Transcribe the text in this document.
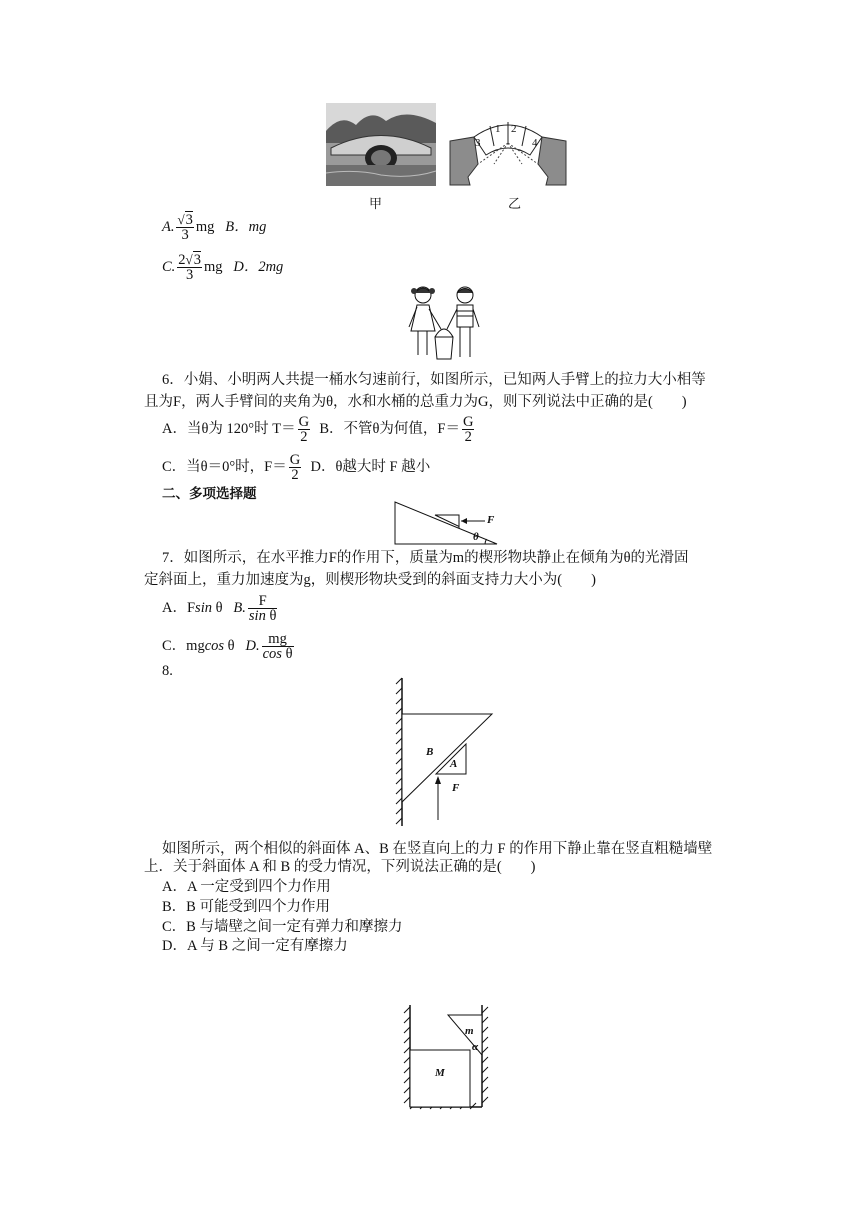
1 2
3	4
甲	乙
A. $\frac{√3}{3}$ mg B．mg
C. $\frac{2√3}{3}$ mg D．2mg
6．小娟、小明两人共提一桶水匀速前行，如图所示，已知两人手臂上的拉力大小相等
且为F，两人手臂间的夹角为θ，水和水桶的总重力为G，则下列说法中正确的是(　　)
A．当θ为 120°时 $T= \frac{G}{2}$ B．不管θ为何值，$F= \frac{G}{2}$
C．当θ＝0°时，$F= \frac{G}{2}$ D．θ越大时 F 越小
二、多项选择题
F
θ
7．如图所示，在水平推力F的作用下，质量为m的楔形物块静止在倾角为θ的光滑固
定斜面上，重力加速度为g，则楔形物块受到的斜面支持力大小为(　　)
A．Fsin θ B. $\frac{F}{\text{sin θ}}$
C．mgcos θ D. $\frac{mg}{\text{cos θ}}$
8.
B
A
F
如图所示，两个相似的斜面体 A、B 在竖直向上的力 F 的作用下静止靠在竖直粗糙墙壁
上．关于斜面体 A 和 B 的受力情况，下列说法正确的是(　　)
A．A 一定受到四个力作用
B．B 可能受到四个力作用
C．B 与墙壁之间一定有弹力和摩擦力
D．A 与 B 之间一定有摩擦力
m
α
M
